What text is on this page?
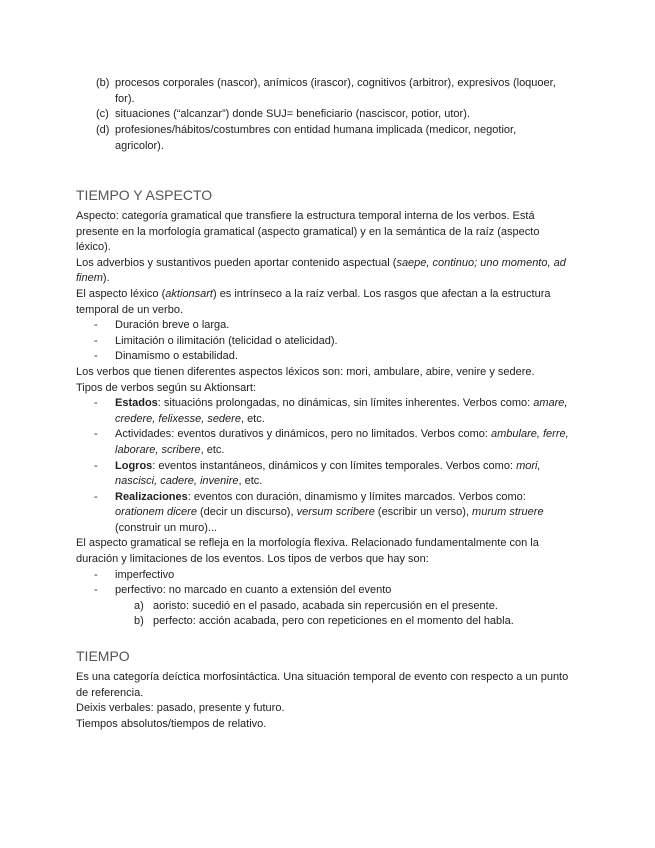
(b) procesos corporales (nascor), anímicos (irascor), cognitivos (arbitror), expresivos (loquoer, for).
(c) situaciones (“alcanzar”) donde SUJ= beneficiario (nasciscor, potior, utor).
(d) profesiones/hábitos/costumbres con entidad humana implicada (medicor, negotior, agricolor).
TIEMPO Y ASPECTO

Aspecto: categoría gramatical que transfiere la estructura temporal interna de los verbos. Está presente en la morfología gramatical (aspecto gramatical) y en la semántica de la raíz (aspecto léxico).

Los adverbios y sustantivos pueden aportar contenido aspectual (saepe, continuo; uno momento, ad finem).

El aspecto léxico (aktionsart) es intrínseco a la raíz verbal. Los rasgos que afectan a la estructura temporal de un verbo.

- Duración breve o larga.
- Limitación o ilimitación (telicidad o atelicidad).
- Dinamismo o estabilidad.

Los verbos que tienen diferentes aspectos léxicos son: mori, ambulare, abire, venire y sedere.

Tipos de verbos según su Aktionsart:

- Estados: situacións prolongadas, no dinámicas, sin límites inherentes. Verbos como: amare, credere, felixesse, sedere, etc.
- Actividades: eventos durativos y dinámicos, pero no limitados. Verbos como: ambulare, ferre, laborare, scribere, etc.
- Logros: eventos instantáneos, dinámicos y con límites temporales. Verbos como: mori, nascisci, cadere, invenire, etc.
- Realizaciones: eventos con duración, dinamismo y límites marcados. Verbos como: orationem dicere (decir un discurso), versum scribere (escribir un verso), murum struere (construir un muro)...

El aspecto gramatical se refleja en la morfología flexiva. Relacionado fundamentalmente con la duración y limitaciones de los eventos. Los tipos de verbos que hay son:

- imperfectivo
- perfectivo: no marcado en cuanto a extensión del evento
a) aoristo: sucedió en el pasado, acabada sin repercusión en el presente.
b) perfecto: acción acabada, pero con repeticiones en el momento del habla.
TIEMPO

Es una categoría deíctica morfosintáctica. Una situación temporal de evento con respecto a un punto de referencia.

Deixis verbales: pasado, presente y futuro.

Tiempos absolutos/tiempos de relativo.
